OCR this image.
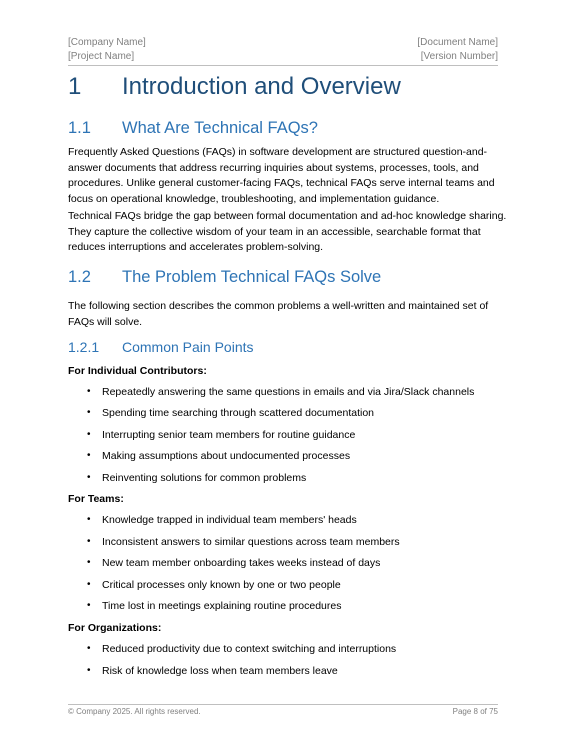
[Company Name]
[Project Name]
[Document Name]
[Version Number]
1 Introduction and Overview
1.1 What Are Technical FAQs?

Frequently Asked Questions (FAQs) in software development are structured question-and-answer documents that address recurring inquiries about systems, processes, tools, and procedures. Unlike general customer-facing FAQs, technical FAQs serve internal teams and focus on operational knowledge, troubleshooting, and implementation guidance.

Technical FAQs bridge the gap between formal documentation and ad-hoc knowledge sharing. They capture the collective wisdom of your team in an accessible, searchable format that reduces interruptions and accelerates problem-solving.

1.2 The Problem Technical FAQs Solve

The following section describes the common problems a well-written and maintained set of FAQs will solve.

1.2.1 Common Pain Points
For Individual Contributors:
• Repeatedly answering the same questions in emails and via Jira/Slack channels
• Spending time searching through scattered documentation
• Interrupting senior team members for routine guidance
• Making assumptions about undocumented processes
• Reinventing solutions for common problems
For Teams:
• Knowledge trapped in individual team members' heads
• Inconsistent answers to similar questions across team members
• New team member onboarding takes weeks instead of days
• Critical processes only known by one or two people
• Time lost in meetings explaining routine procedures
For Organizations:
• Reduced productivity due to context switching and interruptions
• Risk of knowledge loss when team members leave
© Company 2025. All rights reserved.	Page 8 of 75
